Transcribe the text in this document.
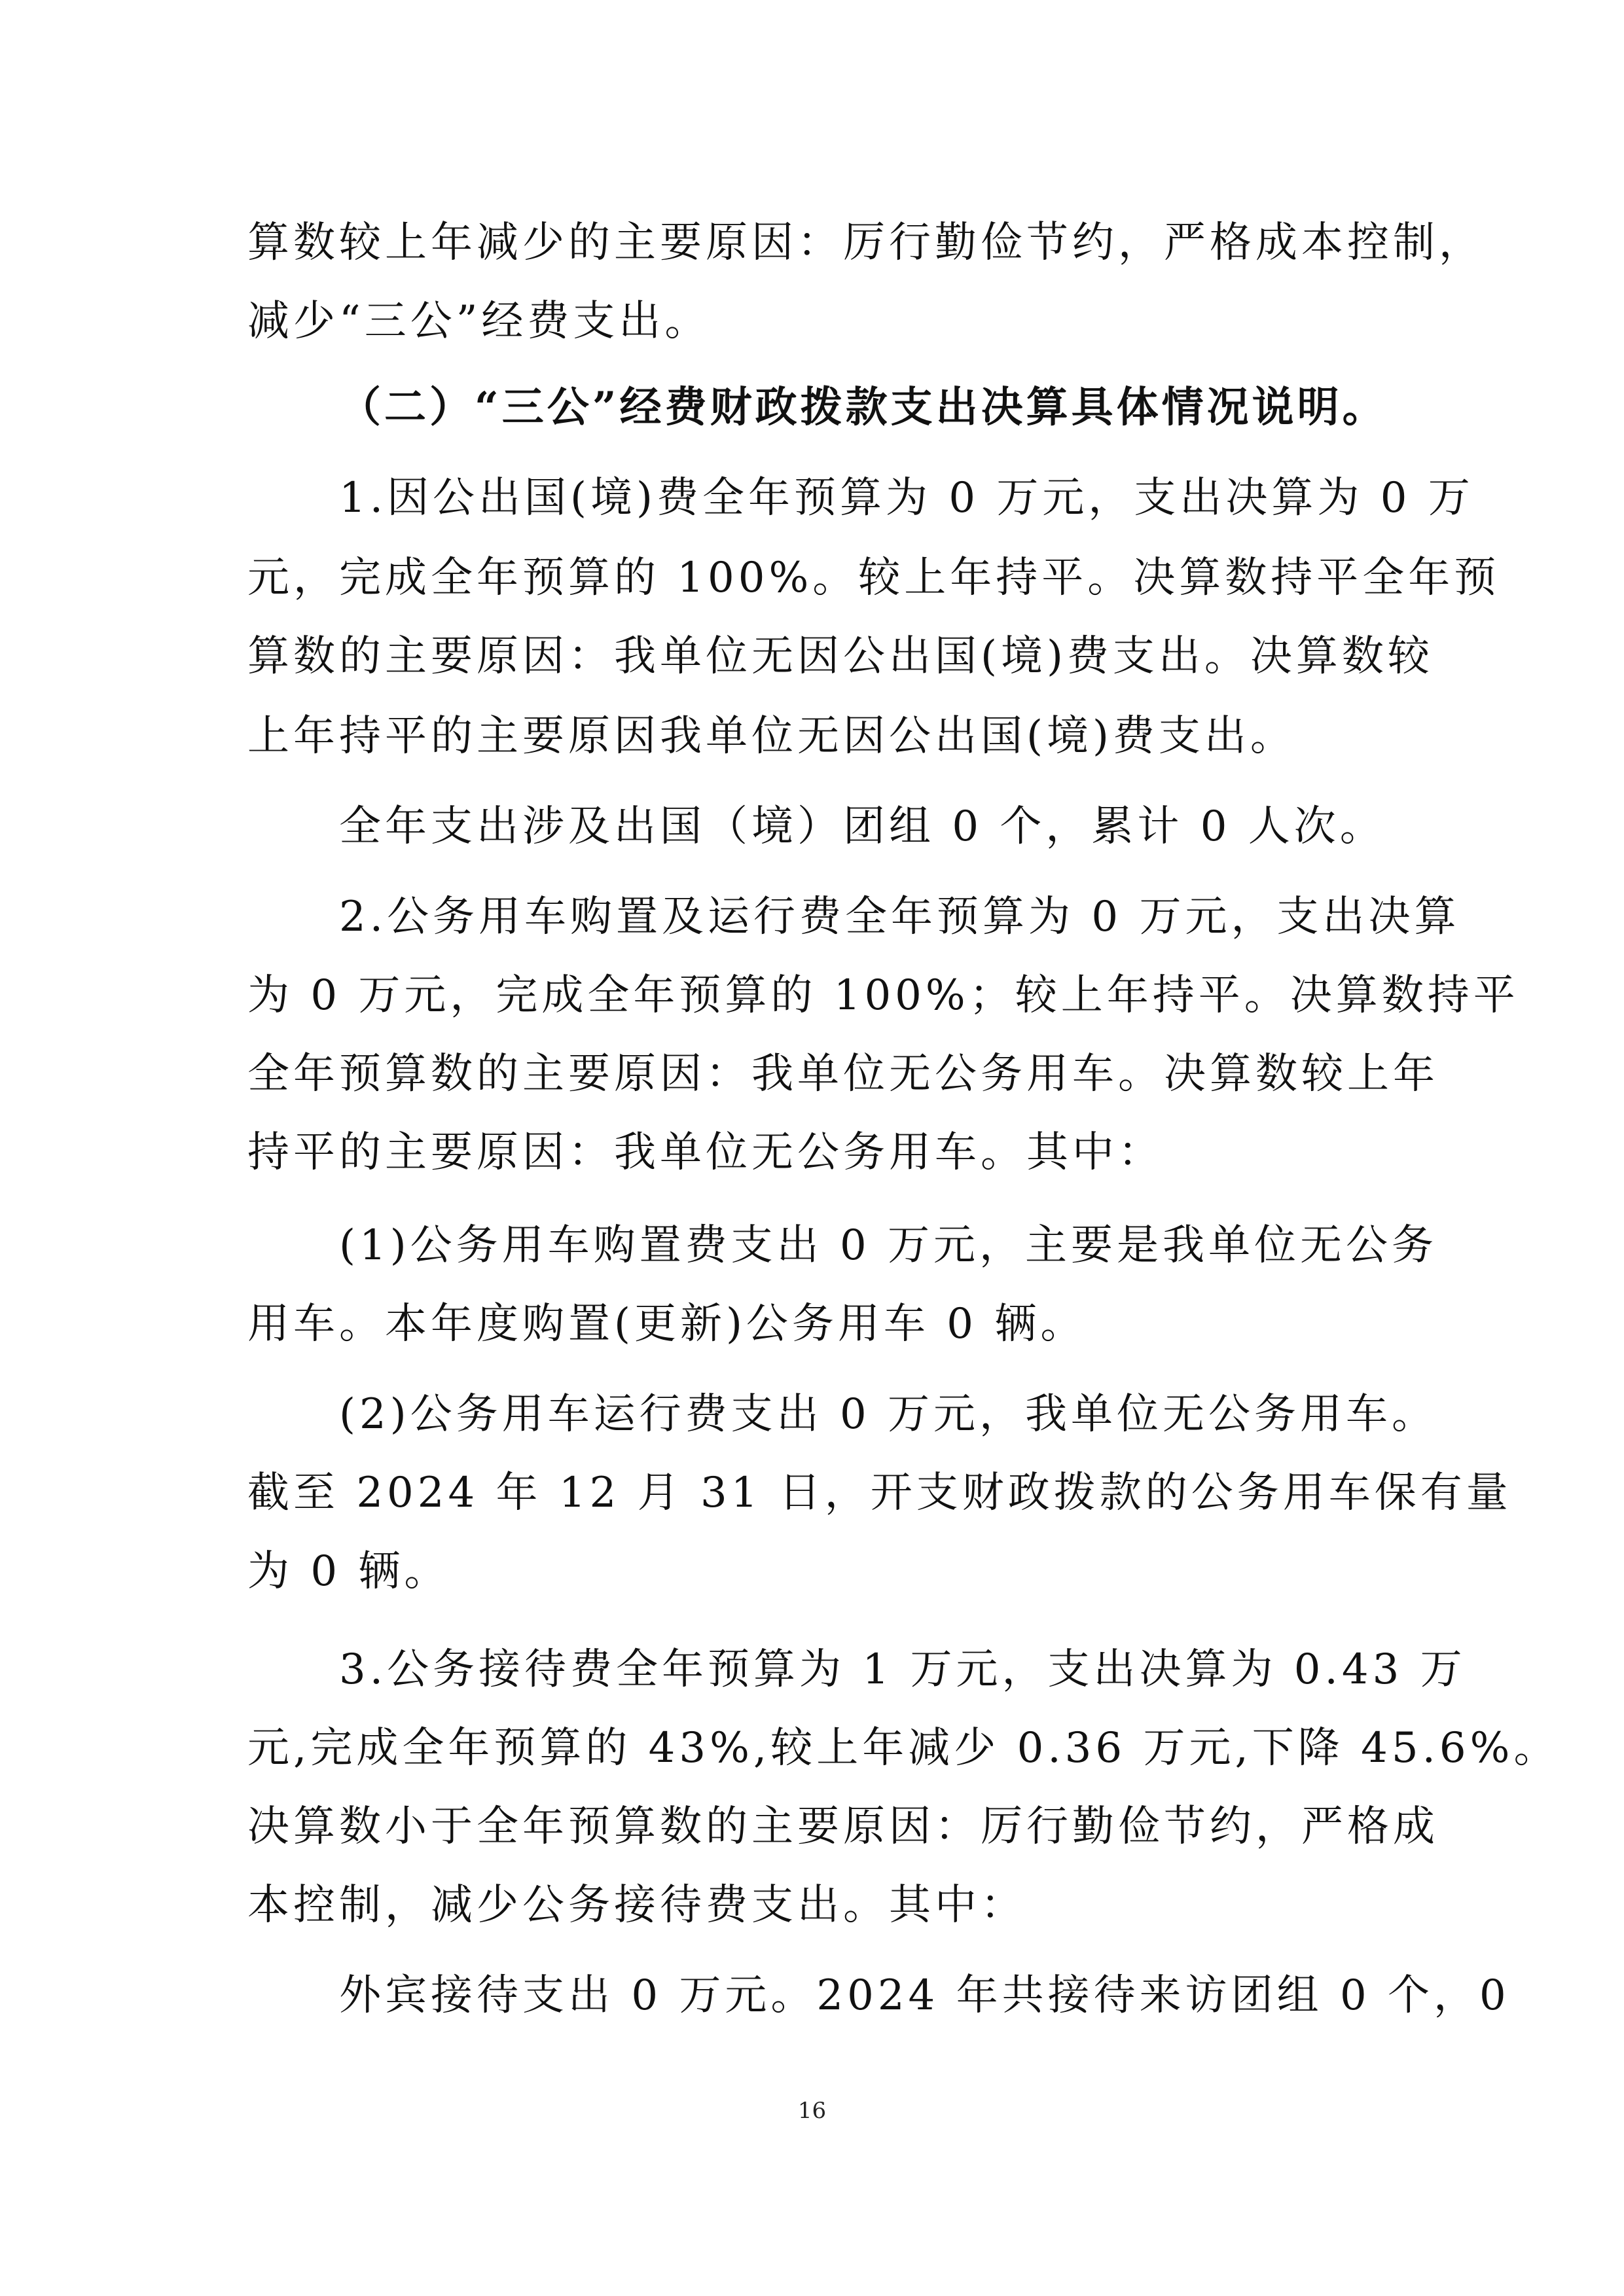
算数较上年减少的主要原因：厉行勤俭节约，严格成本控制，
减少“三公”经费支出。
（二）“三公”经费财政拨款支出决算具体情况说明。
1.因公出国(境)费全年预算为 0 万元，支出决算为 0 万
元，完成全年预算的 100%。较上年持平。决算数持平全年预
算数的主要原因：我单位无因公出国(境)费支出。决算数较
上年持平的主要原因我单位无因公出国(境)费支出。
全年支出涉及出国（境）团组 0 个，累计 0 人次。
2.公务用车购置及运行费全年预算为 0 万元，支出决算
为 0 万元，完成全年预算的 100%；较上年持平。决算数持平
全年预算数的主要原因：我单位无公务用车。决算数较上年
持平的主要原因：我单位无公务用车。其中：
(1)公务用车购置费支出 0 万元，主要是我单位无公务
用车。本年度购置(更新)公务用车 0 辆。
(2)公务用车运行费支出 0 万元，我单位无公务用车。
截至 2024 年 12 月 31 日，开支财政拨款的公务用车保有量
为 0 辆。
3.公务接待费全年预算为 1 万元，支出决算为 0.43 万
元,完成全年预算的 43%,较上年减少 0.36 万元,下降 45.6%。
决算数小于全年预算数的主要原因：厉行勤俭节约，严格成
本控制，减少公务接待费支出。其中：
外宾接待支出 0 万元。2024 年共接待来访团组 0 个，0
16
